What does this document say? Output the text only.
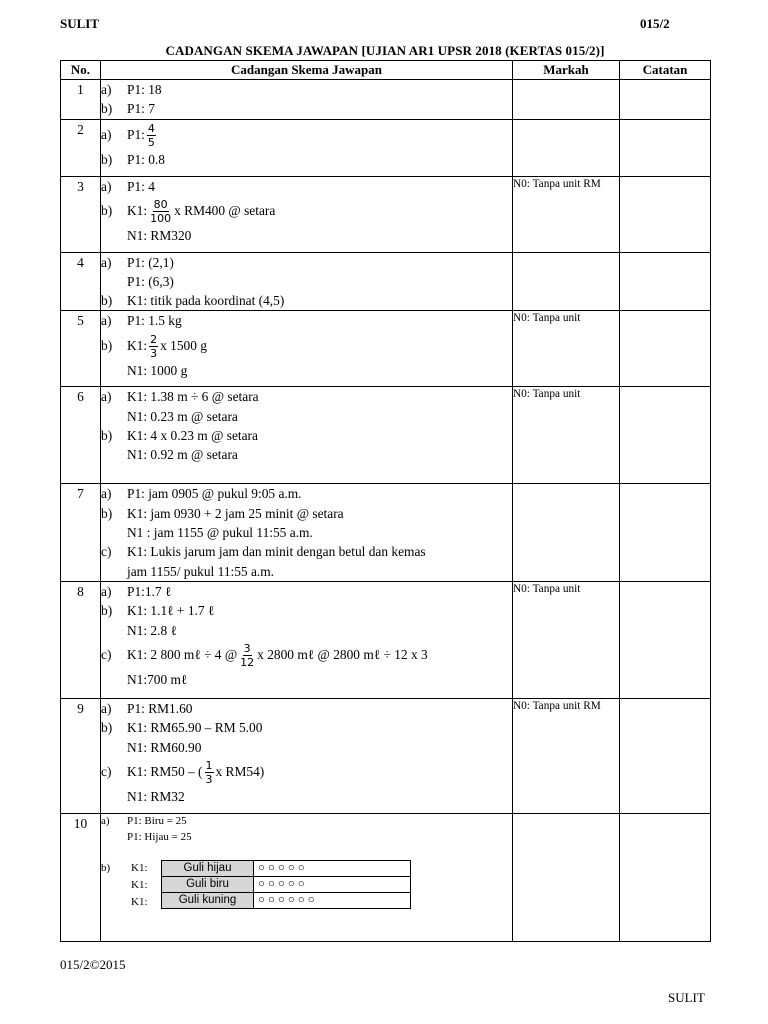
SULIT	015/2
CADANGAN SKEMA JAWAPAN [UJIAN AR1 UPSR 2018 (KERTAS 015/2)]
No.	Cadangan Skema Jawapan	Markah	Catatan
1	a) P1: 18
b) P1: 7

2	a) P1: $\frac{4}{5}$
b) P1: 0.8

3	a) P1: 4
b) K1: $\frac{80}{100}$ x RM400 @ setara
N1: RM320
	N0: Tanpa unit RM	
4	a) P1: (2,1)
P1: (6,3)
b) K1: titik pada koordinat (4,5)

5	a) P1: 1.5 kg
b) K1: $\frac{2}{3}$ x 1500 g
N1: 1000 g
	N0: Tanpa unit	
6	a) K1: 1.38 m ÷ 6 @ setara
N1: 0.23 m @ setara
b) K1: 4 x 0.23 m @ setara
N1: 0.92 m @ setara
	N0: Tanpa unit	
7	a) P1: jam 0905 @ pukul 9:05 a.m.
b) K1: jam 0930 + 2 jam 25 minit @ setara
N1 : jam 1155 @ pukul 11:55 a.m.
c) K1: Lukis jarum jam dan minit dengan betul dan kemas
jam 1155/ pukul 11:55 a.m.

8	a) P1:1.7 ℓ
b) K1: 1.1ℓ + 1.7 ℓ
N1: 2.8 ℓ
c) K1: 2 800 mℓ ÷ 4 @ $\frac{3}{12}$ x 2800 mℓ @ 2800 mℓ ÷ 12 x 3
N1:700 mℓ
	N0: Tanpa unit	
9	a) P1: RM1.60
b) K1: RM65.90 – RM 5.00
N1: RM60.90
c) K1: RM50 – ( $\frac{1}{3}$ x RM54)
N1: RM32
	N0: Tanpa unit RM	
10	a) P1: Biru = 25
P1: Hijau = 25
b) K1:
K1:
K1:
Guli hijau	○○○○○
Guli biru	○○○○○
Guli kuning	○○○○○○

015/2©2015
SULIT
